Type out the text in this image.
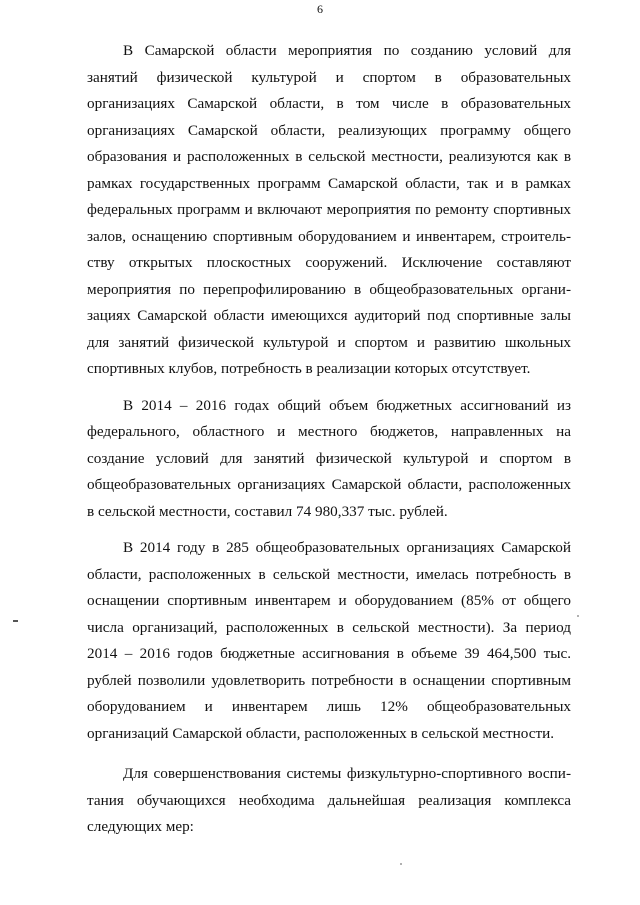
6

В Самарской области мероприятия по созданию условий для занятий физической культурой и спортом в образовательных организациях Самарской области, в том числе в образовательных организациях Самарской области, реализующих программу общего образования и расположенных в сельской местности, реализуются как в рамках государственных программ Самарской области, так и в рамках федеральных программ и включают мероприятия по ремонту спортивных залов, оснащению спортивным оборудованием и инвентарем, строительству открытых плоскостных сооружений. Исключение составляют мероприятия по перепрофилированию в общеобразовательных организациях Самарской области имеющихся аудиторий под спортивные залы для занятий физической культурой и спортом и развитию школьных спортивных клубов, потребность в реализации которых отсутствует.

В 2014 – 2016 годах общий объем бюджетных ассигнований из федерального, областного и местного бюджетов, направленных на создание условий для занятий физической культурой и спортом в общеобразовательных организациях Самарской области, расположенных в сельской местности, составил 74 980,337 тыс. рублей.

В 2014 году в 285 общеобразовательных организациях Самарской области, расположенных в сельской местности, имелась потребность в оснащении спортивным инвентарем и оборудованием (85% от общего числа организаций, расположенных в сельской местности). За период 2014 – 2016 годов бюджетные ассигнования в объеме 39 464,500 тыс. рублей позволили удовлетворить потребности в оснащении спортивным оборудованием и инвентарем лишь 12% общеобразовательных организаций Самарской области, расположенных в сельской местности.

Для совершенствования системы физкультурно-спортивного воспитания обучающихся необходима дальнейшая реализация комплекса следующих мер:
